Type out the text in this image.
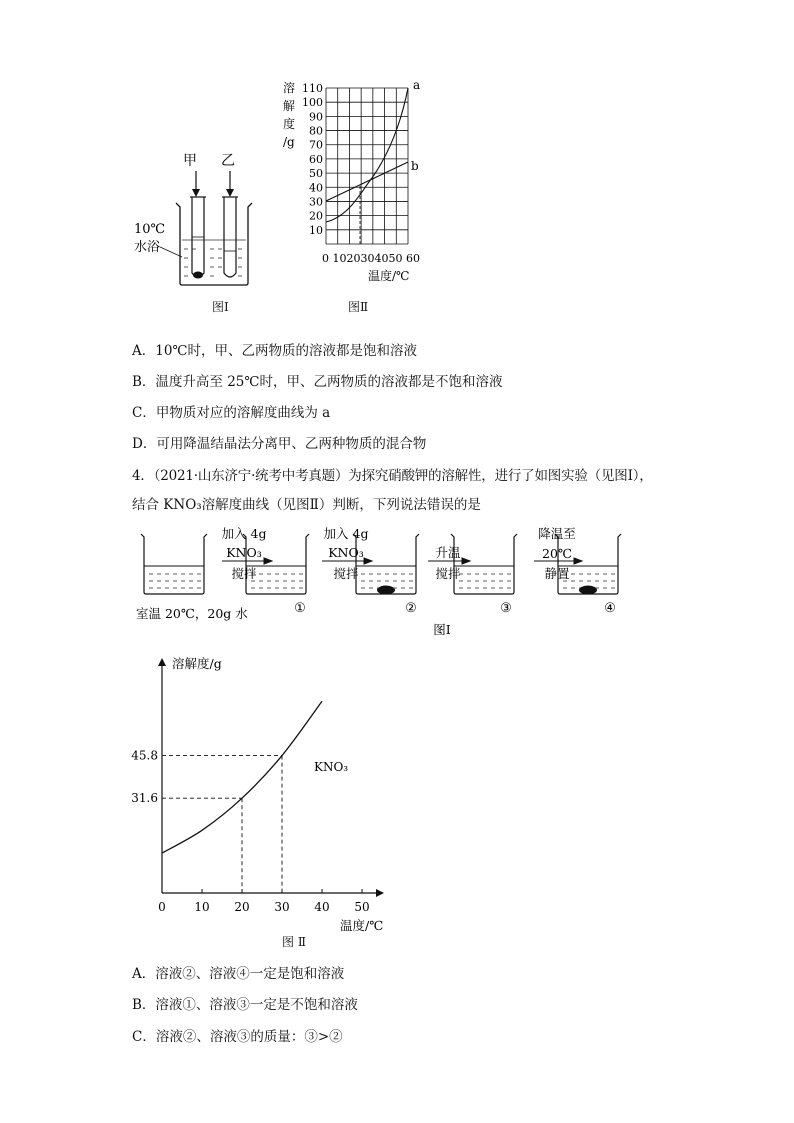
甲 乙
10℃
水浴
图Ⅰ
溶
解
度
/g
10
20
30
40
50
60
70
80
90
100
110	a
b
0 1020304050 60
温度/℃
图Ⅱ
A．10℃时，甲、乙两物质的溶液都是饱和溶液
B．温度升高至 25℃时，甲、乙两物质的溶液都是不饱和溶液
C．甲物质对应的溶解度曲线为 a
D．可用降温结晶法分离甲、乙两种物质的混合物
4．（2021·山东济宁·统考中考真题）为探究硝酸钾的溶解性，进行了如图实验（见图Ⅰ），
结合 KNO₃溶解度曲线（见图Ⅱ）判断，下列说法错误的是
加入 4g
KNO₃
搅拌
加入 4g
KNO₃
搅拌
升温
搅拌
降温至
20℃
静置
室温 20℃，20g 水	①	②	③	④
图Ⅰ
溶解度/g
温度/℃
0 10 20 30 40 50
KNO₃
31.6
45.8
图 Ⅱ
A．溶液②、溶液④一定是饱和溶液
B．溶液①、溶液③一定是不饱和溶液
C．溶液②、溶液③的质量：③>②
